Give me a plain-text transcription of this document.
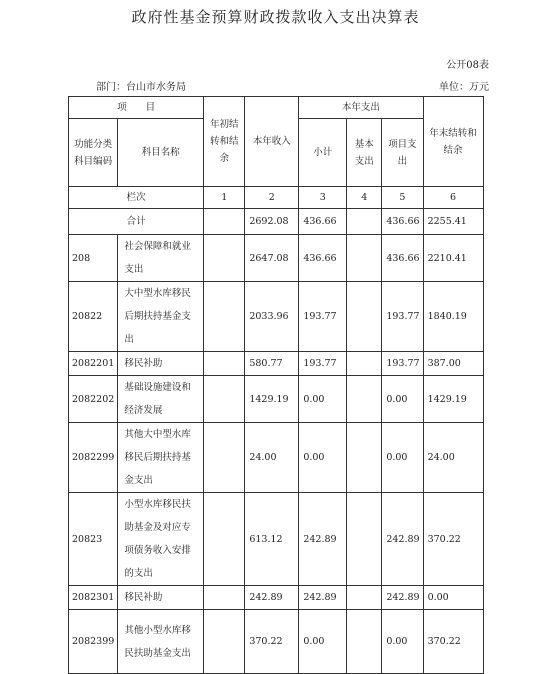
政府性基金预算财政拨款收入支出决算表
公开08表
部门：台山市水务局	单位：万元
项　　目		年初结转和结余	本年收入	本年支出			年末结转和结余
功能分类科目编码	科目名称			小计	基本支出	项目支出	
栏次		1	2	3	4	5	6
合计			2692.08	436.66		436.66	2255.41
208	社会保障和就业支出		2647.08	436.66		436.66	2210.41
20822	大中型水库移民后期扶持基金支出		2033.96	193.77		193.77	1840.19
2082201	移民补助		580.77	193.77		193.77	387.00
2082202	基础设施建设和经济发展		1429.19	0.00		0.00	1429.19
2082299	其他大中型水库移民后期扶持基金支出		24.00	0.00		0.00	24.00
20823	小型水库移民扶助基金及对应专项债务收入安排的支出		613.12	242.89		242.89	370.22
2082301	移民补助		242.89	242.89		242.89	0.00
2082399	其他小型水库移民扶助基金支出		370.22	0.00		0.00	370.22
